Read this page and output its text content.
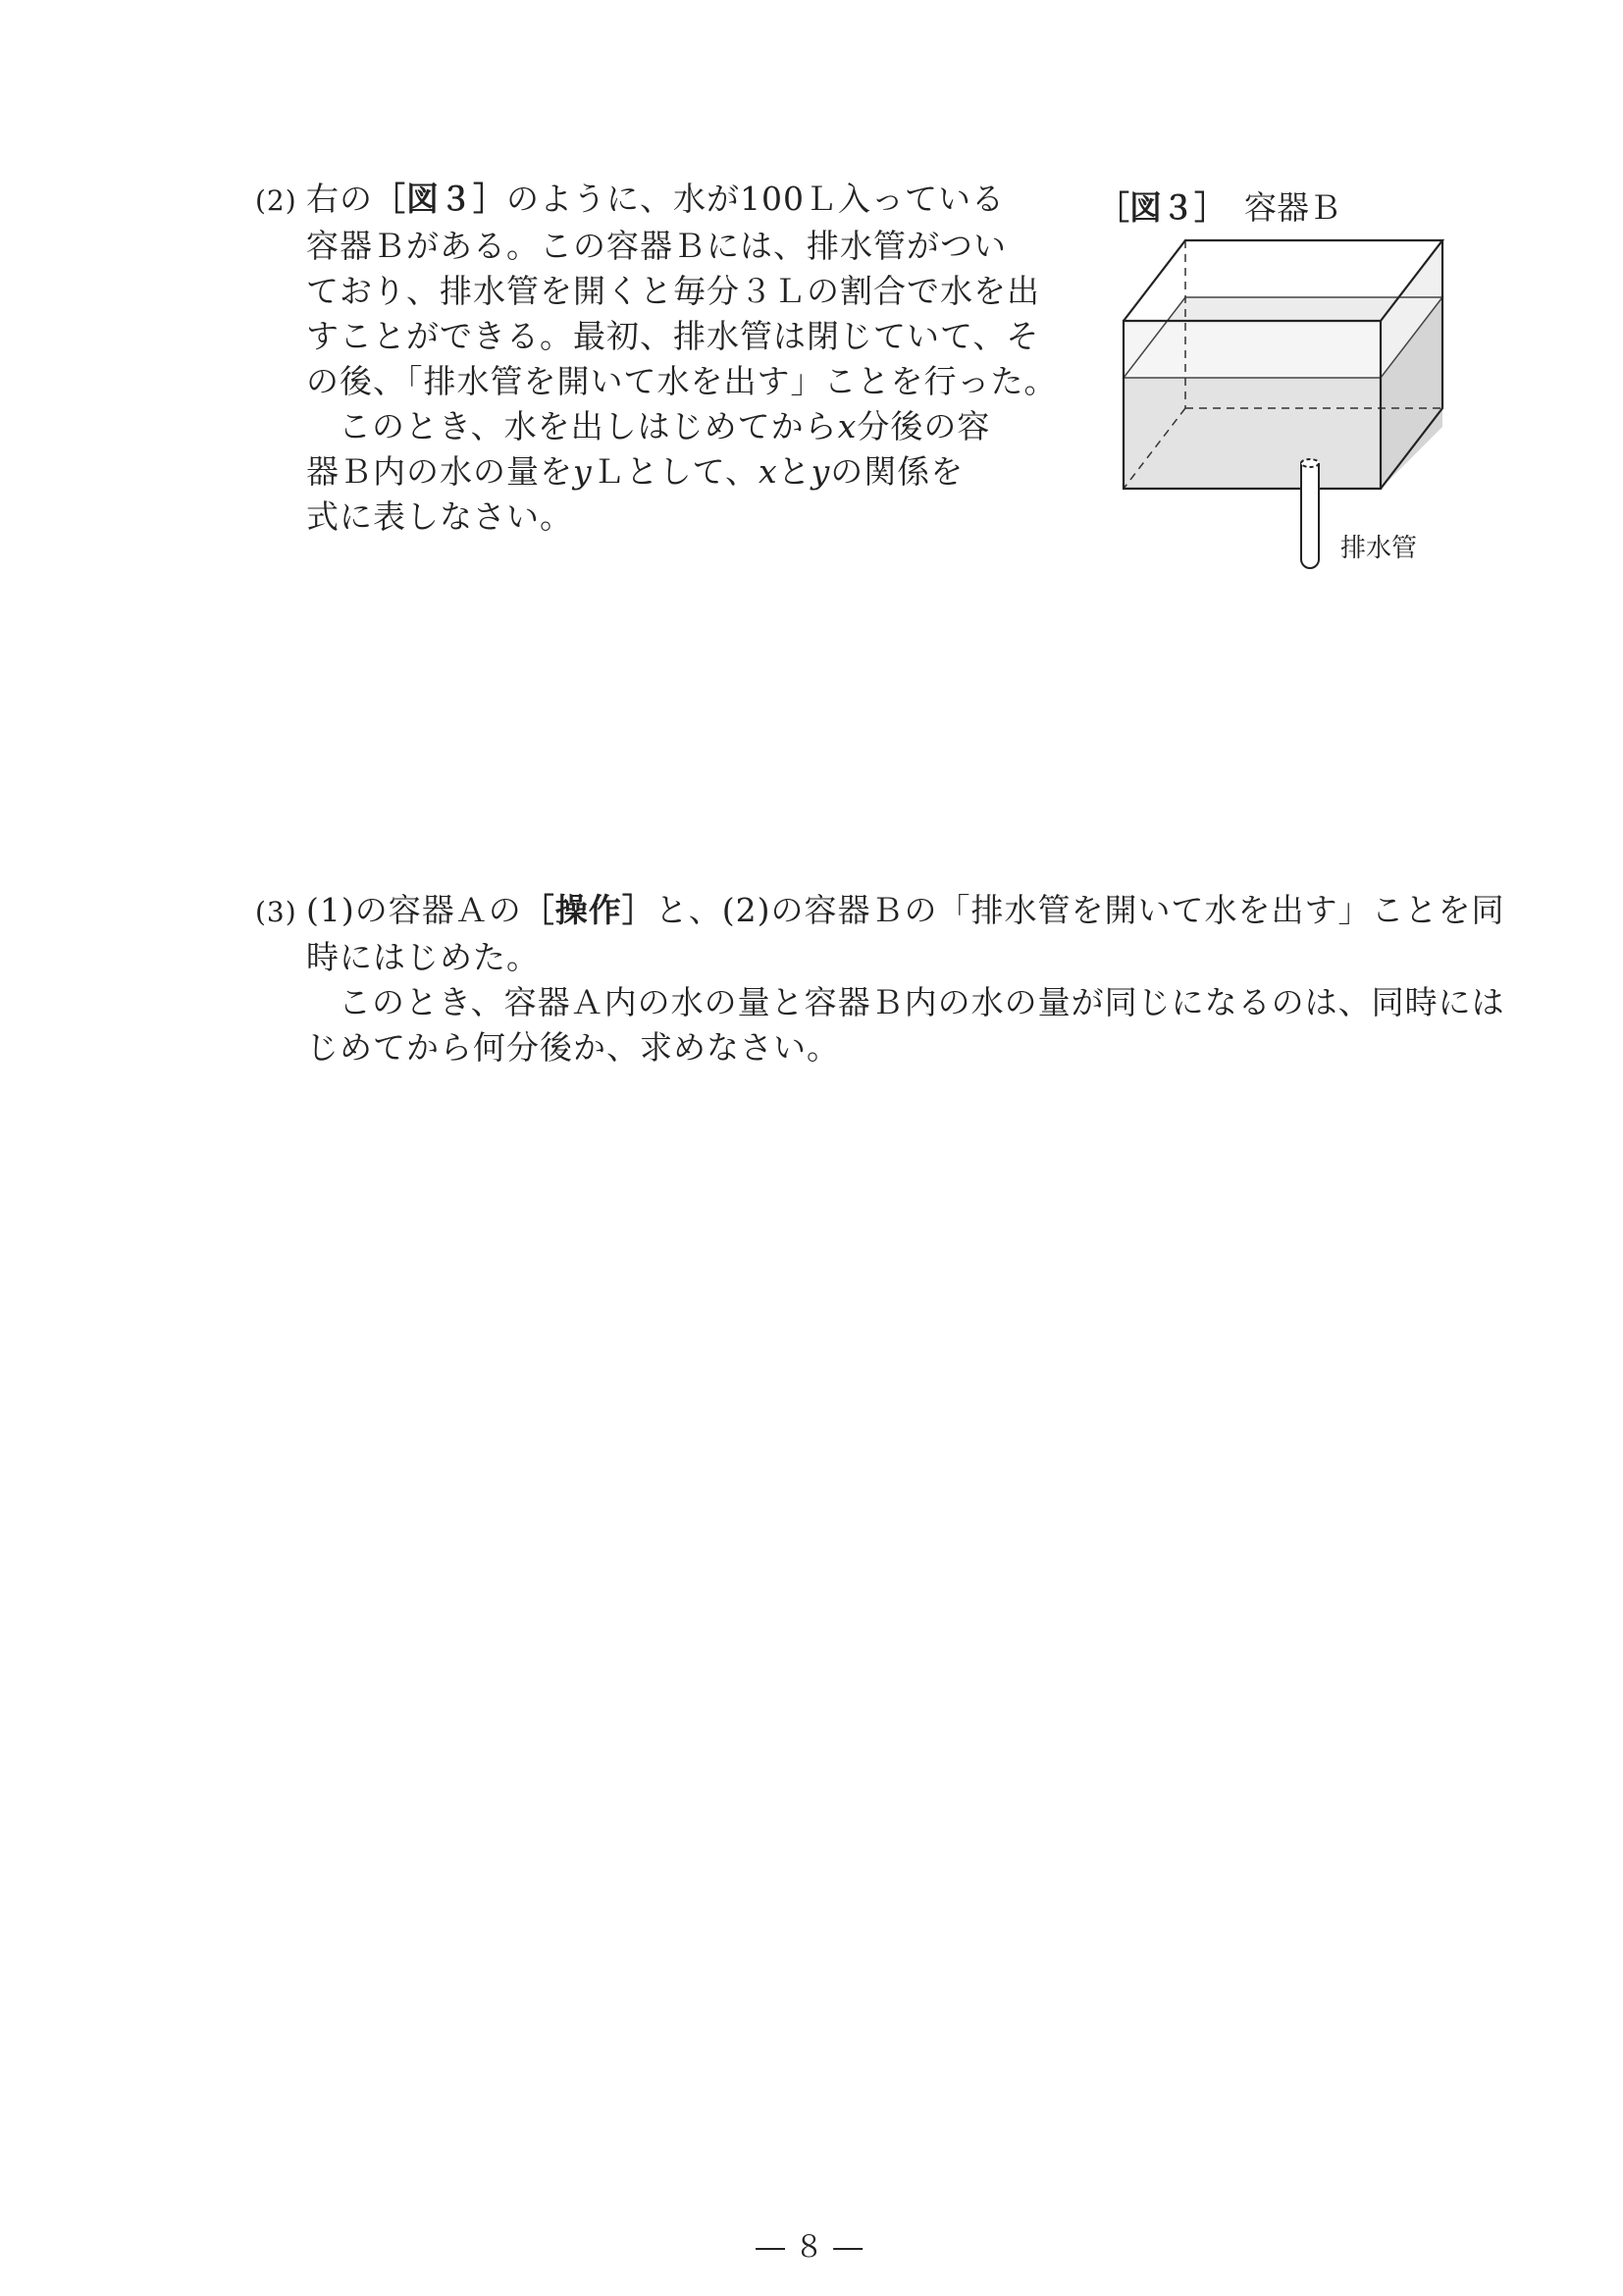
(2) 右の［図３］のように、水が100Ｌ入っている
容器Ｂがある。この容器Ｂには、排水管がつい
ており、排水管を開くと毎分３Ｌの割合で水を出
すことができる。最初、排水管は閉じていて、そ
の後、「排水管を開いて水を出す」ことを行った。
このとき、水を出しはじめてからx分後の容
器Ｂ内の水の量をyＬとして、xとyの関係を
式に表しなさい。
［図３］ 容器Ｂ
排水管
(3) (1)の容器Ａの［操作］と、(2)の容器Ｂの「排水管を開いて水を出す」ことを同
時にはじめた。
このとき、容器Ａ内の水の量と容器Ｂ内の水の量が同じになるのは、同時には
じめてから何分後か、求めなさい。
― ８ ―
